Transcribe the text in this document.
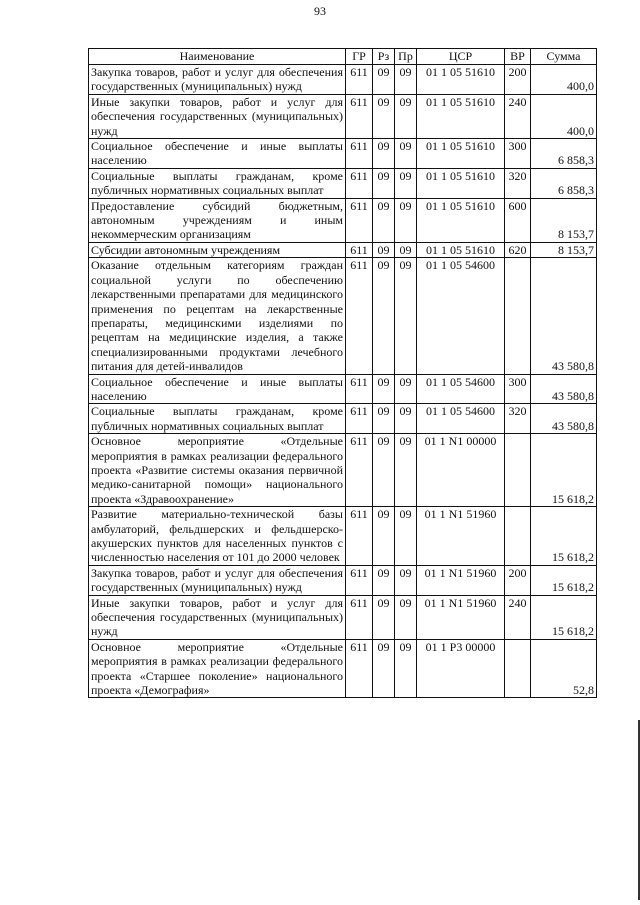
93
Наименование	ГР	Рз	Пр	ЦСР	ВР	Сумма
Закупка товаров, работ и услуг для обеспечения государственных (муниципальных) нужд	611	09	09	01 1 05 51610	200	400,0
Иные закупки товаров, работ и услуг для обеспечения государственных (муниципальных) нужд	611	09	09	01 1 05 51610	240	400,0
Социальное обеспечение и иные выплаты населению	611	09	09	01 1 05 51610	300	6 858,3
Социальные выплаты гражданам, кроме публичных нормативных социальных выплат	611	09	09	01 1 05 51610	320	6 858,3
Предоставление субсидий бюджетным, автономным учреждениям и иным некоммерческим организациям	611	09	09	01 1 05 51610	600	8 153,7
Субсидии автономным учреждениям	611	09	09	01 1 05 51610	620	8 153,7
Оказание отдельным категориям граждан социальной услуги по обеспечению лекарственными препаратами для медицинского применения по рецептам на лекарственные препараты, медицинскими изделиями по рецептам на медицинские изделия, а также специализированными продуктами лечебного питания для детей-инвалидов	611	09	09	01 1 05 54600		43 580,8
Социальное обеспечение и иные выплаты населению	611	09	09	01 1 05 54600	300	43 580,8
Социальные выплаты гражданам, кроме публичных нормативных социальных выплат	611	09	09	01 1 05 54600	320	43 580,8
Основное мероприятие «Отдельные мероприятия в рамках реализации федерального проекта «Развитие системы оказания первичной медико-санитарной помощи» национального проекта «Здравоохранение»	611	09	09	01 1 N1 00000		15 618,2
Развитие материально-технической базы амбулаторий, фельдшерских и фельдшерско-акушерских пунктов для населенных пунктов с численностью населения от 101 до 2000 человек	611	09	09	01 1 N1 51960		15 618,2
Закупка товаров, работ и услуг для обеспечения государственных (муниципальных) нужд	611	09	09	01 1 N1 51960	200	15 618,2
Иные закупки товаров, работ и услуг для обеспечения государственных (муниципальных) нужд	611	09	09	01 1 N1 51960	240	15 618,2
Основное мероприятие «Отдельные мероприятия в рамках реализации федерального проекта «Старшее поколение» национального проекта «Демография»	611	09	09	01 1 P3 00000		52,8
